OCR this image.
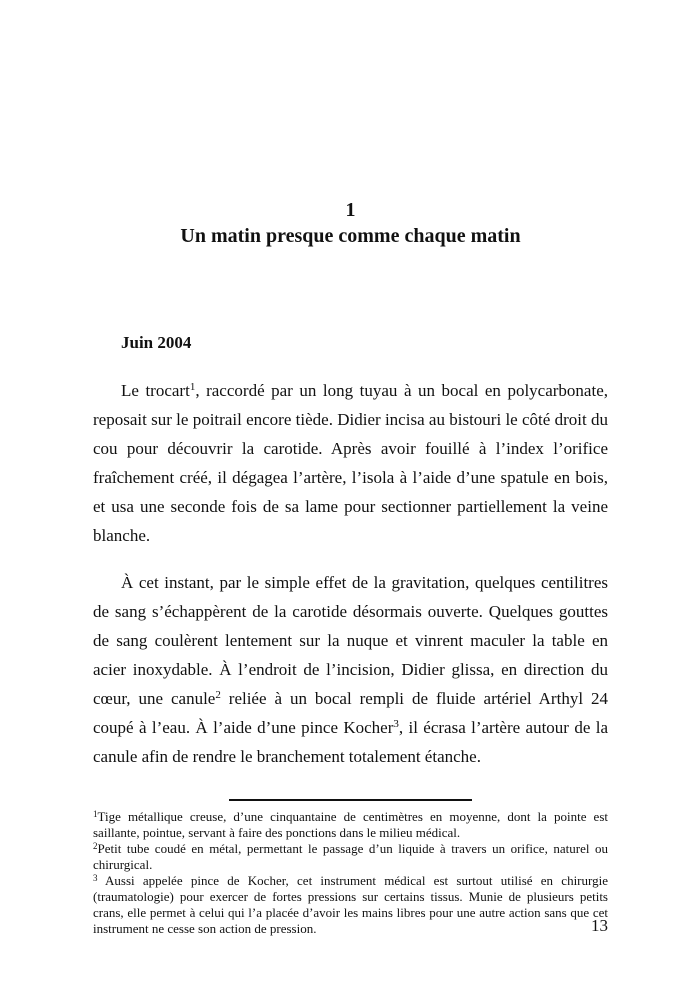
1
Un matin presque comme chaque matin
Juin 2004

Le trocart$^1$, raccordé par un long tuyau à un bocal en polycarbonate, reposait sur le poitrail encore tiède. Didier incisa au bistouri le côté droit du cou pour découvrir la carotide. Après avoir fouillé à l’index l’orifice fraîchement créé, il dégagea l’artère, l’isola à l’aide d’une spatule en bois, et usa une seconde fois de sa lame pour sectionner partiellement la veine blanche.

À cet instant, par le simple effet de la gravitation, quelques centilitres de sang s’échappèrent de la carotide désormais ouverte. Quelques gouttes de sang coulèrent lentement sur la nuque et vinrent maculer la table en acier inoxydable. À l’endroit de l’incision, Didier glissa, en direction du cœur, une canule$^2$ reliée à un bocal rempli de fluide artériel Arthyl 24 coupé à l’eau. À l’aide d’une pince Kocher$^3$, il écrasa l’artère autour de la canule afin de rendre le branchement totalement étanche.

$^1$Tige métallique creuse, d’une cinquantaine de centimètres en moyenne, dont la pointe est saillante, pointue, servant à faire des ponctions dans le milieu médical.

$^2$Petit tube coudé en métal, permettant le passage d’un liquide à travers un orifice, naturel ou chirurgical.

$^3$ Aussi appelée pince de Kocher, cet instrument médical est surtout utilisé en chirurgie (traumatologie) pour exercer de fortes pressions sur certains tissus. Munie de plusieurs petits crans, elle permet à celui qui l’a placée d’avoir les mains libres pour une autre action sans que cet instrument ne cesse son action de pression.	13
